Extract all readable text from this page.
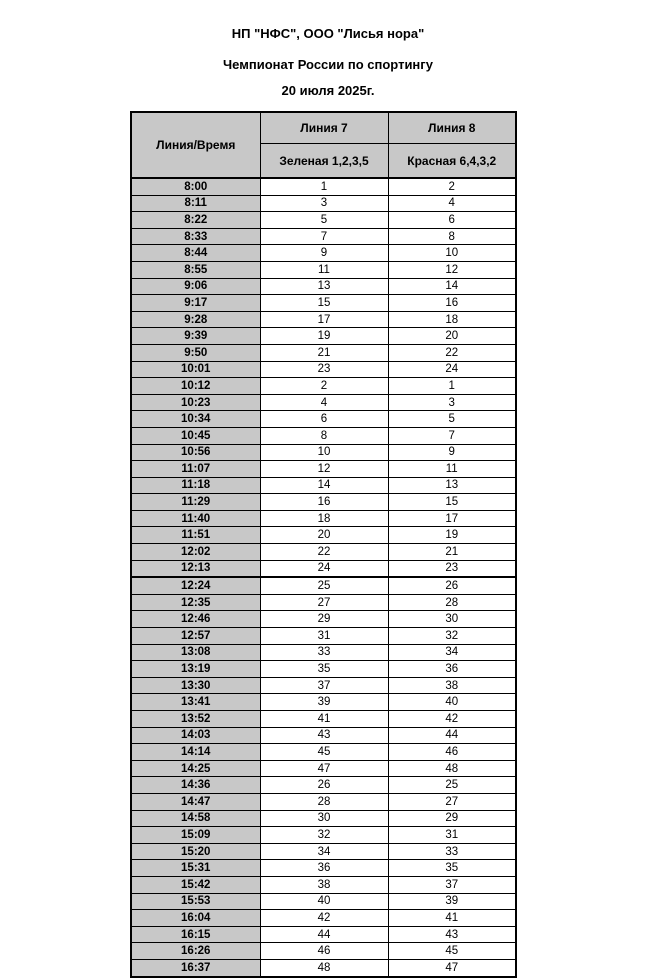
НП "НФС", ООО "Лисья нора"
Чемпионат России по спортингу
20 июля 2025г.
Линия/Время	Линия 7	Линия 8
	Зеленая 1,2,3,5	Красная 6,4,3,2
8:00	1	2
8:11	3	4
8:22	5	6
8:33	7	8
8:44	9	10
8:55	11	12
9:06	13	14
9:17	15	16
9:28	17	18
9:39	19	20
9:50	21	22
10:01	23	24
10:12	2	1
10:23	4	3
10:34	6	5
10:45	8	7
10:56	10	9
11:07	12	11
11:18	14	13
11:29	16	15
11:40	18	17
11:51	20	19
12:02	22	21
12:13	24	23
12:24	25	26
12:35	27	28
12:46	29	30
12:57	31	32
13:08	33	34
13:19	35	36
13:30	37	38
13:41	39	40
13:52	41	42
14:03	43	44
14:14	45	46
14:25	47	48
14:36	26	25
14:47	28	27
14:58	30	29
15:09	32	31
15:20	34	33
15:31	36	35
15:42	38	37
15:53	40	39
16:04	42	41
16:15	44	43
16:26	46	45
16:37	48	47
